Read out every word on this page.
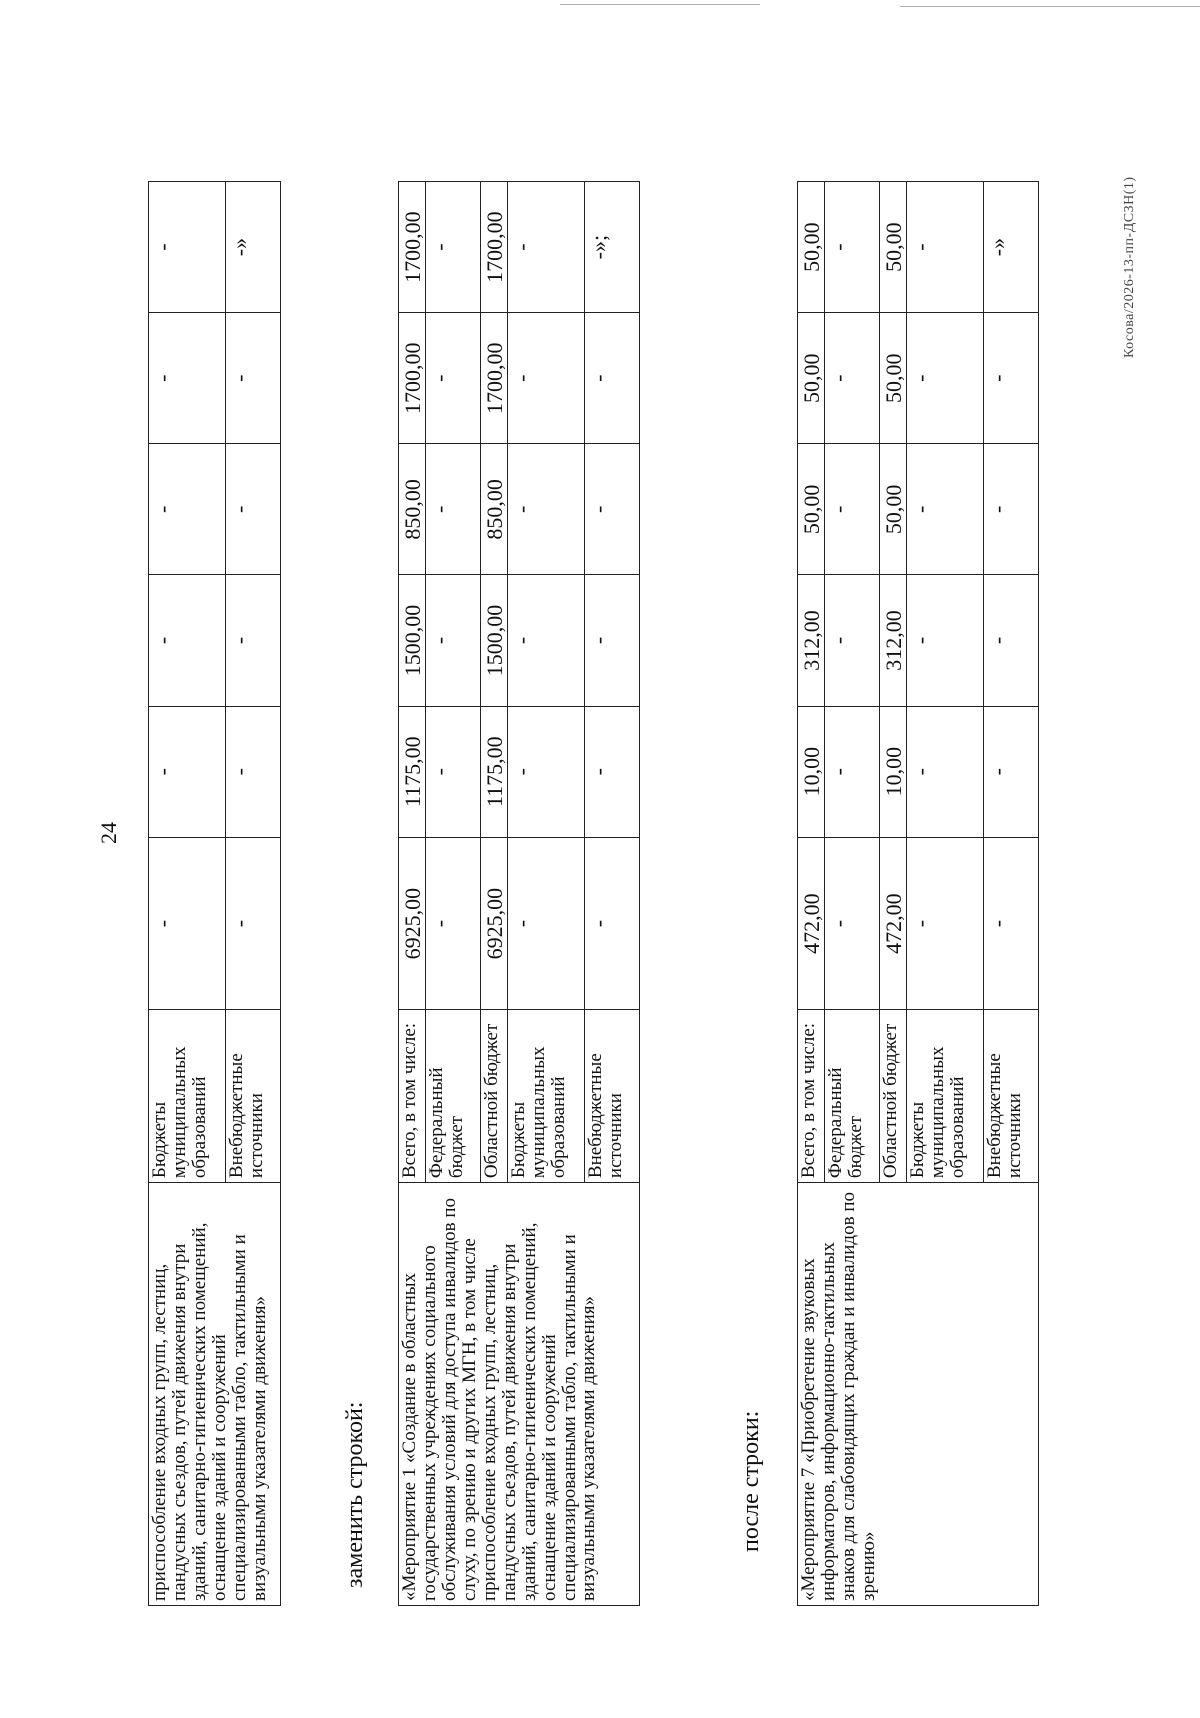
24
приспособление входных групп, лестниц, пандусных съездов, путей движения внутри зданий, санитарно-гигиенических помещений, оснащение зданий и сооружений специализированными табло, тактильными и визуальными указателями движения»	Бюджеты муниципальных образований	-	-	-	-	-	-
	Внебюджетные источники	-	-	-	-	-	-»
заменить строкой: «Мероприятие 1 «Создание в областных государственных учреждениях социального обслуживания условий для доступа инвалидов по слуху, по зрению и других МГН, в том числе приспособление входных групп, лестниц, пандусных съездов, путей движения внутри зданий, санитарно-гигиенических помещений, оснащение зданий и сооружений специализированными табло, тактильными и визуальными указателями движения»	Всего, в том числе:	6925,00	1175,00	1500,00	850,00	1700,00	1700,00
	Федеральный бюджет	-	-	-	-	-	-
	Областной бюджет	6925,00	1175,00	1500,00	850,00	1700,00	1700,00
	Бюджеты муниципальных образований	-	-	-	-	-	-
	Внебюджетные источники	-	-	-	-	-	-»;
после строки: «Мероприятие 7 «Приобретение звуковых информаторов, информационно-тактильных знаков для слабовидящих граждан и инвалидов по зрению»	Всего, в том числе:	472,00	10,00	312,00	50,00	50,00	50,00
	Федеральный бюджет	-	-	-	-	-	-
	Областной бюджет	472,00	10,00	312,00	50,00	50,00	50,00
	Бюджеты муниципальных образований	-	-	-	-	-	-
	Внебюджетные источники	-	-	-	-	-	-»	Косова/2026-13-пп-ДСЗН(1)
